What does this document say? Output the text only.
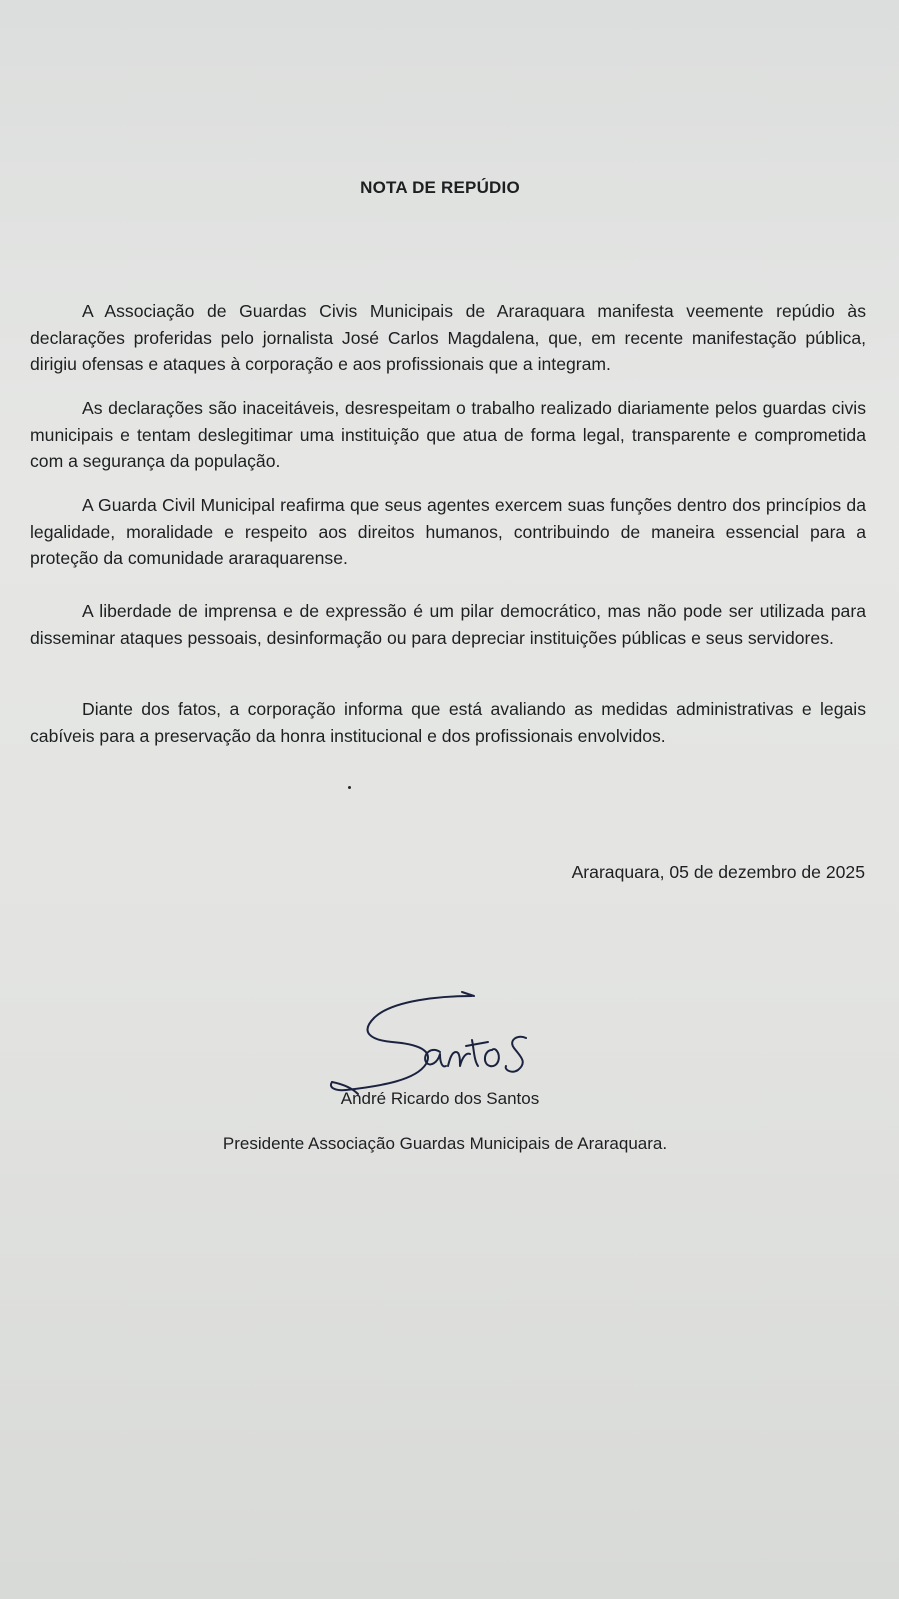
NOTA DE REPÚDIO

A Associação de Guardas Civis Municipais de Araraquara manifesta veemente repúdio às declarações proferidas pelo jornalista José Carlos Magdalena, que, em recente manifestação pública, dirigiu ofensas e ataques à corporação e aos profissionais que a integram.

As declarações são inaceitáveis, desrespeitam o trabalho realizado diariamente pelos guardas civis municipais e tentam deslegitimar uma instituição que atua de forma legal, transparente e comprometida com a segurança da população.

A Guarda Civil Municipal reafirma que seus agentes exercem suas funções dentro dos princípios da legalidade, moralidade e respeito aos direitos humanos, contribuindo de maneira essencial para a proteção da comunidade araraquarense.

A liberdade de imprensa e de expressão é um pilar democrático, mas não pode ser utilizada para disseminar ataques pessoais, desinformação ou para depreciar instituições públicas e seus servidores.

Diante dos fatos, a corporação informa que está avaliando as medidas administrativas e legais cabíveis para a preservação da honra institucional e dos profissionais envolvidos.

Araraquara, 05 de dezembro de 2025
André Ricardo dos Santos
Presidente Associação Guardas Municipais de Araraquara.
